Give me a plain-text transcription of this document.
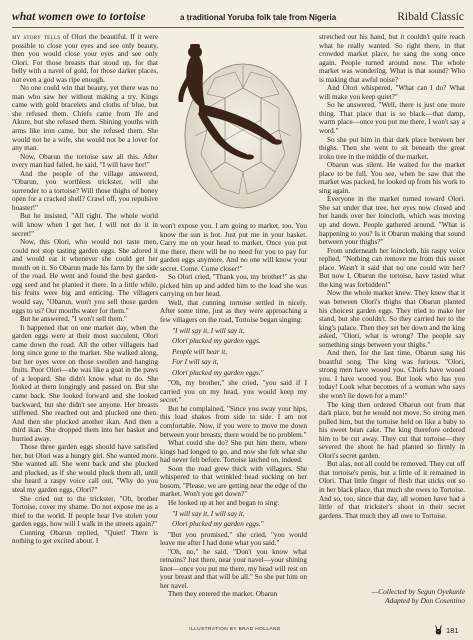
what women owe to tortoise	a traditional Yoruba folk tale from Nigeria	Ribald Classic

my story tells of Olori the beautiful. If it were possible to close your eyes and see only beauty, then you would close your eyes and see only Olori. For those breasts that stood up, for that belly with a navel of gold, for those darker places, not even a god was ripe enough.

No one could win that beauty, yet there was no man who saw her without making a try. Kings came with gold bracelets and cloths of blue, but she refused them. Chiefs came from Ife and Akure, but she refused them. Shining youths with arms like iron came, but she refused them. She would not be a wife, she would not be a lover for any man.

Now, Obarun the tortoise saw all this. After every man had failed, he said, "I will have her!"

And the people of the village answered, "Obarun, you worthless trickster, will she surrender to a tortoise? Will those thighs of honey open for a cracked shell? Crawl off, you repulsive boaster!"

But he insisted, "All right. The whole world will know when I get her. I will not do it in secret!"

Now, this Olori, who would not taste men, could not stop tasting garden eggs. She adored it and would eat it whenever she could get her mouth on it. So Obarun made his farm by the side of the road. He went and found the best garden-egg seed and he planted it there. In a little while, his fruits were big and enticing. The villagers would say, "Obarun, won't you sell those garden eggs to us? Our mouths water for them."

But he answered, "I won't sell them."

It happened that on one market day, when the garden eggs were at their most succulent, Olori came down the road. All the other villagers had long since gone to the market. She walked along, but her eyes were on those swollen and hanging fruits. Poor Olori—she was like a goat in the paws of a leopard. She didn't know what to do. She looked at them longingly and passed on. But she came back. She looked forward and she looked backward, but she didn't see anyone. Her breasts stiffened. She reached out and plucked one then. And then she plucked another ikan. And then a third ikan. She dropped them into her basket and hurried away.

Those three garden eggs should have satisfied her, but Olori was a hungry girl. She wanted more. She wanted all. She went back and she plucked and plucked, as if she would pluck them all, until she heard a raspy voice call out, "Why do you steal my garden eggs, Olori?"

She cried out to the trickster, "Oh, brother Tortoise, cover my shame. Do not expose me as a thief to the world. If people hear I've stolen your garden eggs, how will I walk in the streets again?"

Cunning Obarun replied, "Quiet! There is nothing to get excited about. I

won't expose you. I am going to market, too. You know the sun is hot. Just put me in your basket. Carry me on your head to market. Once you put me there, there will be no need for you to pay for garden eggs anymore. And no one will know your secret. Come. Come closer!"

So Olori cried, "Thank you, my brother!" as she picked him up and added him to the load she was carrying on her head.

Well, that cunning tortoise settled in nicely. After some time, just as they were approaching a few villagers on the road, Tortoise began singing:

"I will say it, I will say it,

Olori plucked my garden eggs.

People will hear it,

For I will say it,

Olori plucked my garden eggs."

"Oh, my brother," she cried, "you said if I carried you on my head, you would keep my secret."

But he complained, "Since you sway your hips, this load shakes from side to side. I am not comfortable. Now, if you were to move me down between your breasts, there would be no problem."

What could she do? She put him there, where kings had longed to go, and now she felt what she had never felt before. Tortoise latched on, indeed.

Soon the road grew thick with villagers. She whispered to that wrinkled head sucking on her bosom, "Please, we are getting near the edge of the market. Won't you get down?"

He looked up at her and began to sing:

"I will say it, I will say it,

Olori plucked my garden eggs."

"But you promised," she cried, "you would leave me after I had done what you said."

"Oh, no," he said. "Don't you know what remains? Just there, near your navel—your shining knot—once you put me there, my head will rest on your breast and that will be all." So she put him on her navel.

Then they entered the market. Obarun

stretched out his hand, but it couldn't quite reach what he really wanted. So right there, in that crowded market place, he sang the song once again. People turned around now. The whole market was wondering. What is that sound? Who is making that awful noise?

And Olori whispered, "What can I do? What will make you keep quiet?"

So he answered, "Well, there is just one more thing. That place that is so black—that damp, warm place—once you put me there, I won't say a word."

So she put him in that dark place between her thighs. Then she went to sit beneath the great iroko tree in the middle of the market.

Obarun was silent. He waited for the market place to be full. You see, when he saw that the market was packed, he looked up from his work to sing again.

Everyone in the market turned toward Olori. She sat under that tree, her eyes now closed and her hands over her loincloth, which was moving up and down. People gathered around. "What is happening to you? Is it Obarun making that sound between your thighs?"

From underneath her loincloth, his raspy voice replied, "Nothing can remove me from this sweet place. Wasn't it said that no one could win her? But now I, Obarun the tortoise, have tasted what the king was forbidden!"

Now the whole market knew. They knew that it was between Olori's thighs that Obarun planted his choicest garden eggs. They tried to make her stand, but she couldn't. So they carried her to the king's palace. Then they set her down and the king asked, "Olori, what is wrong? The people say something sings between your thighs."

And then, for the last time, Obarun sang his boastful song. The king was furious. "Olori, strong men have wooed you. Chiefs have wooed you. I have wooed you. But look who has you today! Look what becomes of a woman who says she won't lie down for a man!"

The king then ordered Obarun out from that dark place, but he would not move. So strong men pulled him, but the tortoise held on like a baby to his sweet bean cake. The king therefore ordered him to be cut away. They cut that tortoise—they severed the shoot he had planted so firmly in Olori's secret garden.

But alas, not all could be removed. They cut off that tortoise's penis, but a little of it remained in Olori. That little finger of flesh that sticks out so in her black place, that much she owes to Tortoise. And so, too, since that day, all women have had a little of that trickster's shoot in their secret gardens. That much they all owe to Tortoise.

—Collected by Segun Oyekunle
Adapted by Don Cosentino
ILLUSTRATION BY BRAD HOLLAND	181
